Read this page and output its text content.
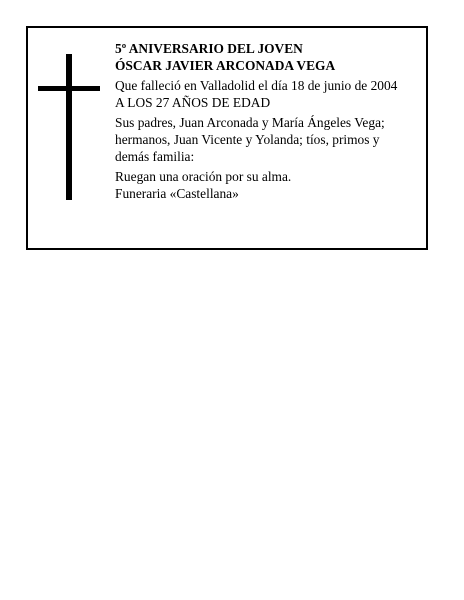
5º ANIVERSARIO DEL JOVEN
ÓSCAR JAVIER ARCONADA VEGA
Que falleció en Valladolid el día 18 de junio de 2004
A LOS 27 AÑOS DE EDAD
Sus padres, Juan Arconada y María Ángeles Vega;
hermanos, Juan Vicente y Yolanda; tíos, primos y
demás familia:
Ruegan una oración por su alma.
Funeraria «Castellana»
